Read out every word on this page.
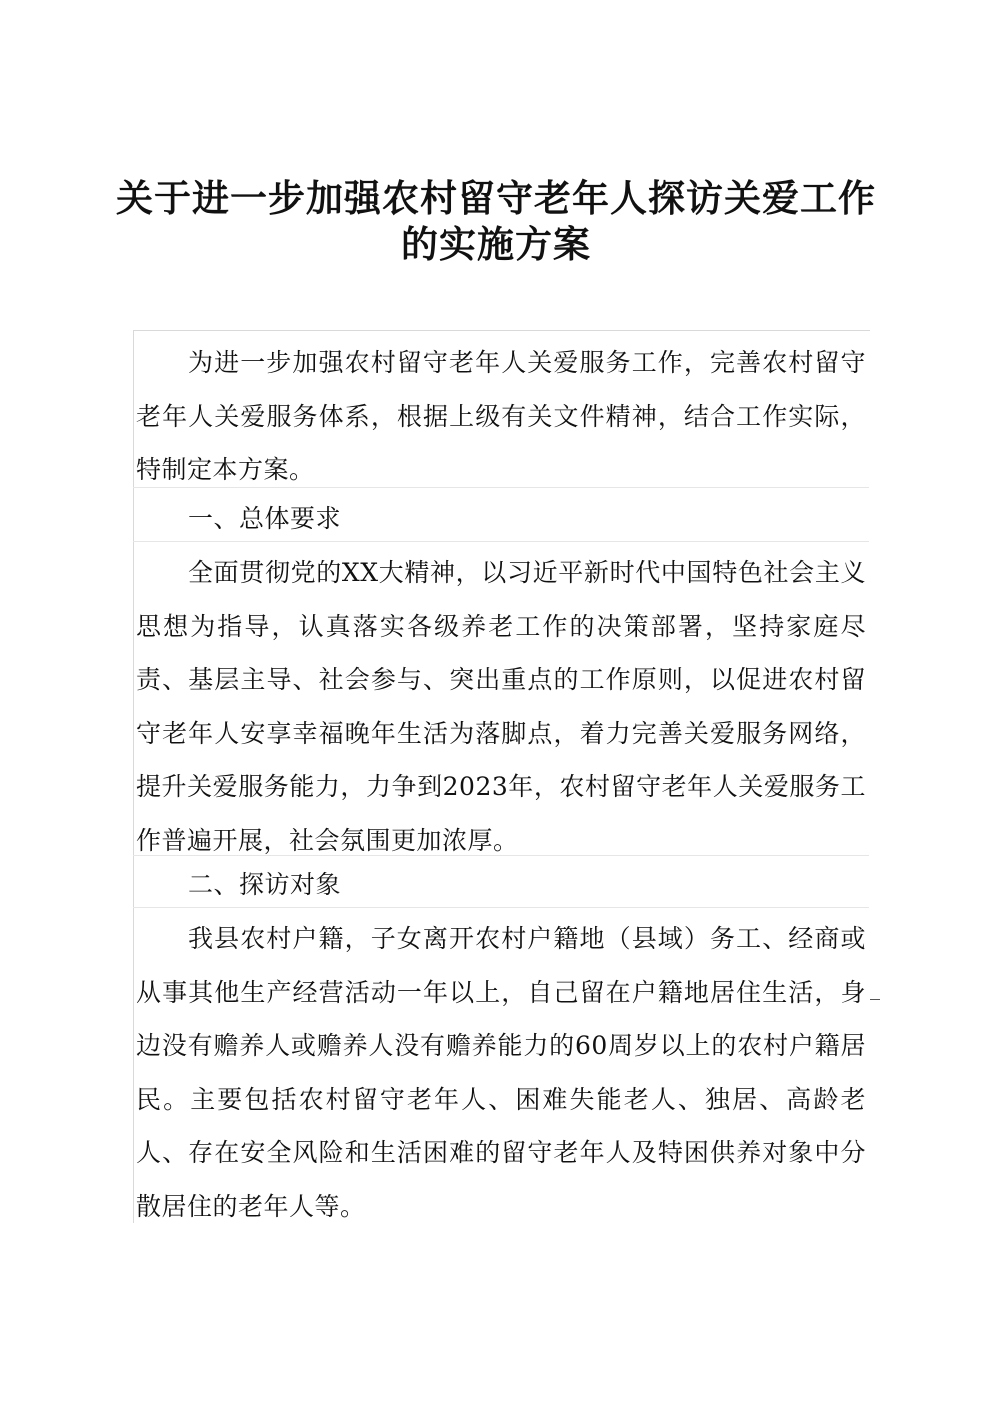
关于进一步加强农村留守老年人探访关爱工作
的实施方案

为进一步加强农村留守老年人关爱服务工作，完善农村留守老年人关爱服务体系，根据上级有关文件精神，结合工作实际，特制定本方案。

一、总体要求

全面贯彻党的XX大精神，以习近平新时代中国特色社会主义思想为指导，认真落实各级养老工作的决策部署，坚持家庭尽责、基层主导、社会参与、突出重点的工作原则，以促进农村留守老年人安享幸福晚年生活为落脚点，着力完善关爱服务网络，提升关爱服务能力，力争到2023年，农村留守老年人关爱服务工作普遍开展，社会氛围更加浓厚。

二、探访对象

我县农村户籍，子女离开农村户籍地（县域）务工、经商或从事其他生产经营活动一年以上，自己留在户籍地居住生活，身边没有赡养人或赡养人没有赡养能力的60周岁以上的农村户籍居民。主要包括农村留守老年人、困难失能老人、独居、高龄老人、存在安全风险和生活困难的留守老年人及特困供养对象中分散居住的老年人等。
